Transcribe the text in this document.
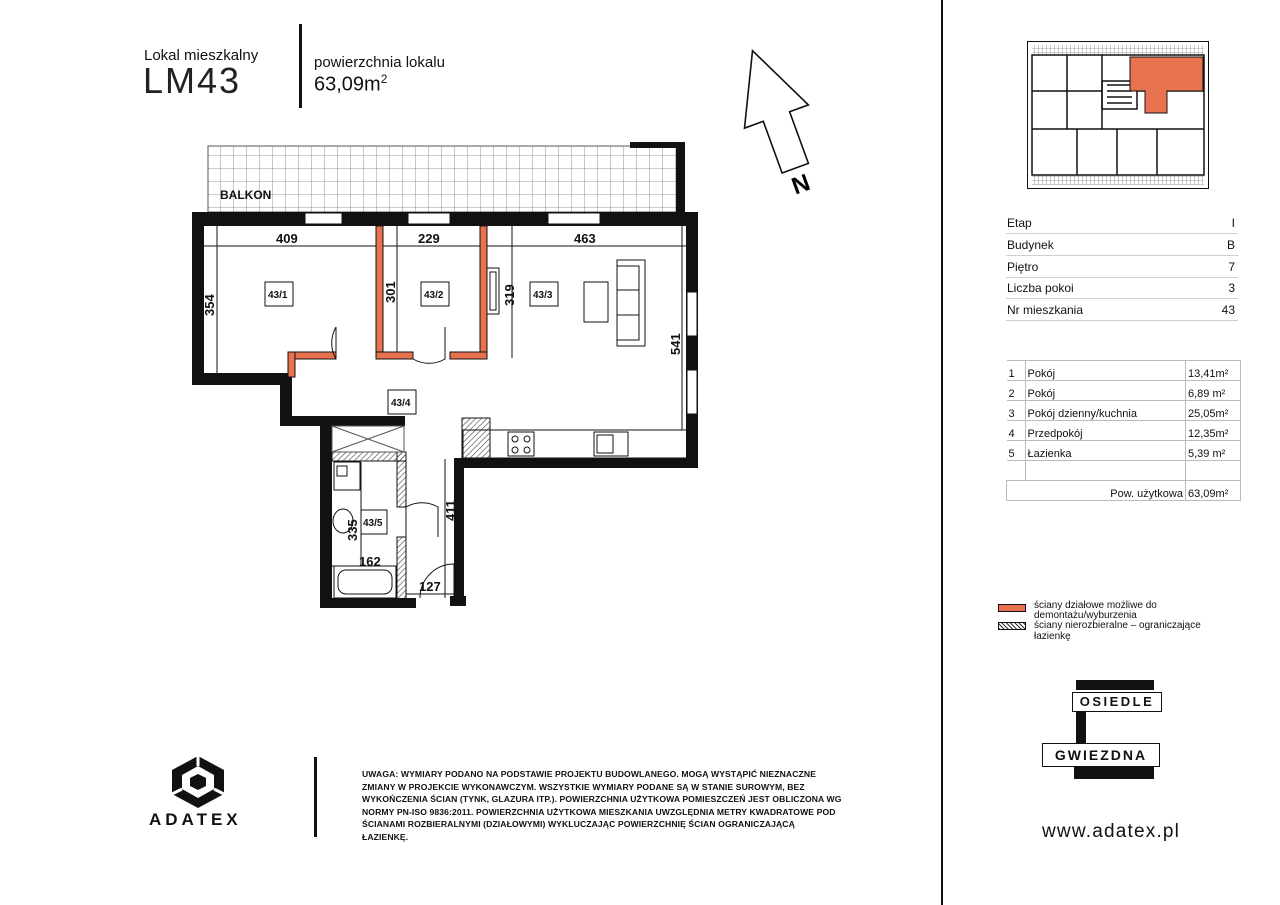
Lokal mieszkalny
LM43	powierzchnia lokalu
$63,09m^2$
BALKON
409	229	463
354
301	319
541
411
335
162
127
43/1	43/2	43/3
43/4
43/5
N
Etap	I
Budynek	B
Piętro	7
Liczba pokoi	3
Nr mieszkania	43
1	Pokój	13,41m²
2	Pokój	6,89 m²
3	Pokój dzienny/kuchnia	25,05m²
4	Przedpokój	12,35m²
5	Łazienka	5,39 m²

Pow. użytkowa		63,09m²
ściany działowe możliwe do demontażu/wyburzenia
ściany nierozbieralne – ograniczające łazienkę
OSIEDLE
GWIEZDNA
www.adatex.pl
ADATEX
UWAGA: WYMIARY PODANO NA PODSTAWIE PROJEKTU BUDOWLANEGO. MOGĄ WYSTĄPIĆ NIEZNACZNE ZMIANY W PROJEKCIE WYKONAWCZYM. WSZYSTKIE WYMIARY PODANE SĄ W STANIE SUROWYM, BEZ WYKOŃCZENIA ŚCIAN (TYNK, GLAZURA ITP.). POWIERZCHNIA UŻYTKOWA POMIESZCZEŃ JEST OBLICZONA WG NORMY PN-ISO 9836:2011. POWIERZCHNIA UŻYTKOWA MIESZKANIA UWZGLĘDNIA METRY KWADRATOWE POD ŚCIANAMI ROZBIERALNYMI (DZIAŁOWYMI) WYKLUCZAJĄC POWIERZCHNIĘ ŚCIAN OGRANICZAJĄCĄ ŁAZIENKĘ.
